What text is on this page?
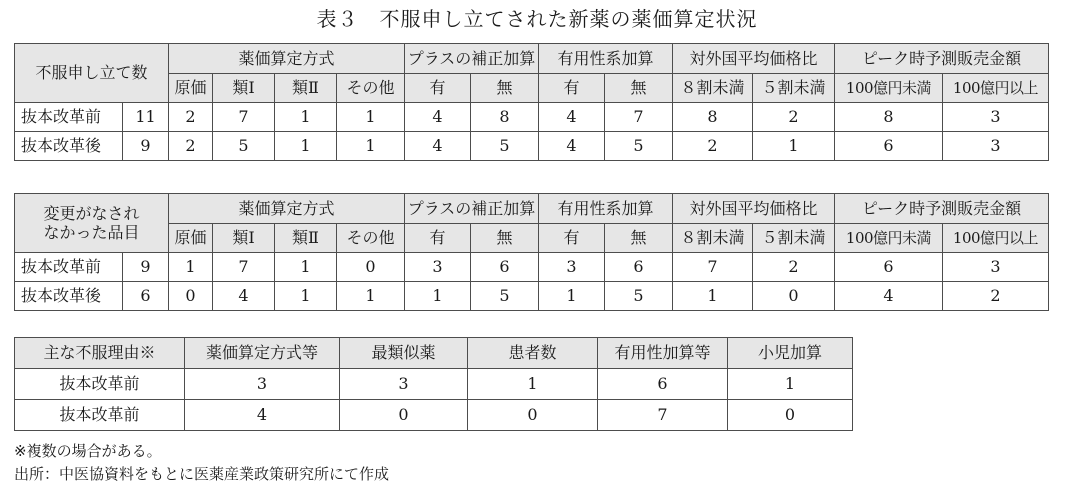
表３　不服申し立てされた新薬の薬価算定状況
不服申し立て数		薬価算定方式				プラスの補正加算		有用性系加算		対外国平均価格比		ピーク時予測販売金額	
		原価	類Ⅰ	類Ⅱ	その他	有	無	有	無	８割未満	５割未満	100億円未満	100億円以上
抜本改革前	11	2	7	1	1	4	8	4	7	8	2	8	3
抜本改革後	9	2	5	1	1	4	5	4	5	2	1	6	3
変更がなされ
なかった品目		薬価算定方式				プラスの補正加算		有用性系加算		対外国平均価格比		ピーク時予測販売金額	
		原価	類Ⅰ	類Ⅱ	その他	有	無	有	無	８割未満	５割未満	100億円未満	100億円以上
抜本改革前	9	1	7	1	0	3	6	3	6	7	2	6	3
抜本改革後	6	0	4	1	1	1	5	1	5	1	0	4	2
主な不服理由※	薬価算定方式等	最類似薬	患者数	有用性加算等	小児加算
抜本改革前	3	3	1	6	1
抜本改革前	4	0	0	7	0
※複数の場合がある。
出所：中医協資料をもとに医薬産業政策研究所にて作成
